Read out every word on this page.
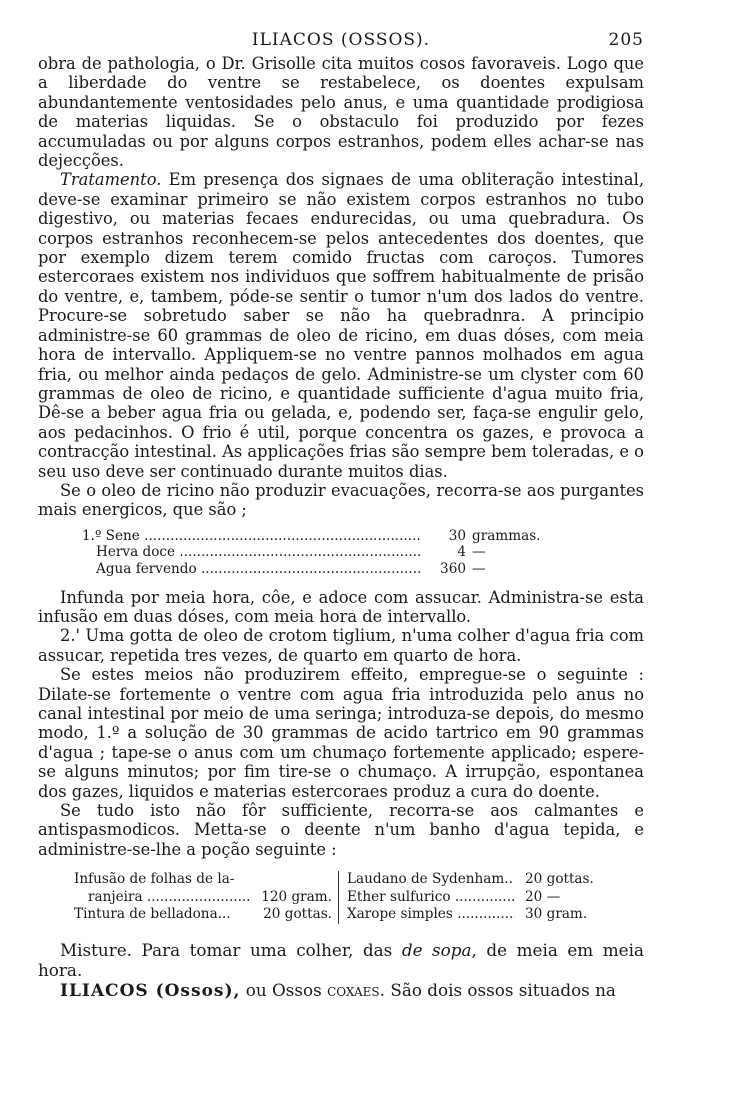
ILIACOS (OSSOS).	205

obra de pathologia, o Dr. Grisolle cita muitos cosos favoraveis. Logo que a liberdade do ventre se restabelece, os doentes expulsam abundantemente ventosidades pelo anus, e uma quantidade prodigiosa de materias liquidas. Se o obstaculo foi produzido por fezes accumuladas ou por alguns corpos estranhos, podem elles achar-se nas dejecções.

Tratamento. Em presença dos signaes de uma obliteração intestinal, deve-se examinar primeiro se não existem corpos estranhos no tubo digestivo, ou materias fecaes endurecidas, ou uma quebradura. Os corpos estranhos reconhecem-se pelos antecedentes dos doentes, que por exemplo dizem terem comido fructas com caroços. Tumores estercoraes existem nos individuos que soffrem habitualmente de prisão do ventre, e, tambem, póde-se sentir o tumor n'um dos lados do ventre. Procure-se sobretudo saber se não ha quebradnra. A principio administre-se 60 grammas de oleo de ricino, em duas dóses, com meia hora de intervallo. Appliquem-se no ventre pannos molhados em agua fria, ou melhor ainda pedaços de gelo. Administre-se um clyster com 60 grammas de oleo de ricino, e quantidade sufficiente d'agua muito fria, Dê-se a beber agua fria ou gelada, e, podendo ser, faça-se engulir gelo, aos pedacinhos. O frio é util, porque concentra os gazes, e provoca a contracção intestinal. As applicações frias são sempre bem toleradas, e o seu uso deve ser continuado durante muitos dias.

Se o oleo de ricino não produzir evacuações, recorra-se aos purgantes mais energicos, que são ;

1.º Sene .....	30 grammas.
Herva doce .....	4 —
Agua fervendo .....	360 —

Infunda por meia hora, côe, e adoce com assucar. Administra-se esta infusão em duas dóses, com meia hora de intervallo.

2.' Uma gotta de oleo de crotom tiglium, n'uma colher d'agua fria com assucar, repetida tres vezes, de quarto em quarto de hora.

Se estes meios não produzirem effeito, empregue-se o seguinte : Dilate-se fortemente o ventre com agua fria introduzida pelo anus no canal intestinal por meio de uma seringa; introduza-se depois, do mesmo modo, 1.º a solução de 30 grammas de acido tartrico em 90 grammas d'agua ; tape-se o anus com um chumaço fortemente applicado; espere-se alguns minutos; por fim tire-se o chumaço. A irrupção, espontanea dos gazes, liquidos e materias estercoraes produz a cura do doente.

Se tudo isto não fôr sufficiente, recorra-se aos calmantes e antispasmodicos. Metta-se o deente n'um banho d'agua tepida, e administre-se-lhe a poção seguinte :

Infusão de folhas de la-
ranjeira .....	120 gram.
Tintura de belladona...	20 gottas.
Laudano de Sydenham.. 20 gottas.
Ether sulfurico .....	20 —
Xarope simples .....	30 gram.

Misture. Para tomar uma colher, das de sopa, de meia em meia hora.

ILIACOS (Ossos), ou Ossos coxaes. São dois ossos situados na
